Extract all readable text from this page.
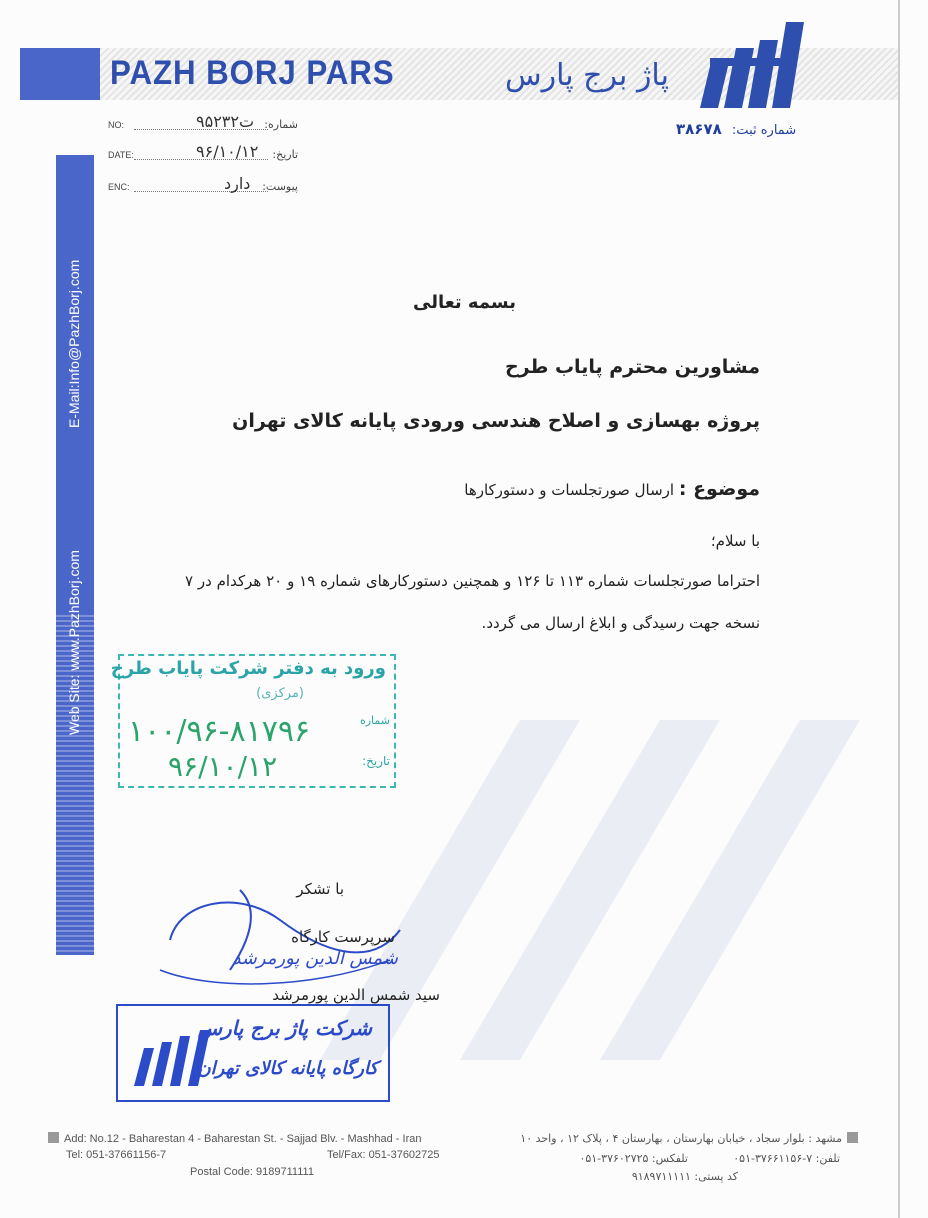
PAZH BORJ PARS	پاژ برج پارس
شماره ثبت: ۳۸۶۷۸
NO:	۹۵ت۲۳۲ شماره:
DATE:	۹۶/۱۰/۱۲ تاریخ:
ENC:	دارد پیوست:
E-Mail:Info@PazhBorj.com
Web Site: www.PazhBorj.com
بسمه تعالی
مشاورین محترم پایاب طرح
پروژه بهسازی و اصلاح هندسی ورودی پایانه کالای تهران
موضوع : ارسال صورتجلسات و دستورکارها
با سلام؛
احتراما صورتجلسات شماره ۱۱۳ تا ۱۲۶ و همچنین دستورکارهای شماره ۱۹ و ۲۰ هرکدام در ۷ نسخه جهت رسیدگی و ابلاغ ارسال می گردد.
ورود به دفتر شرکت پایاب طرح
(مرکزی)
شماره
۱۰۰/۹۶-۸۱۷۹۶
تاریخ:
۹۶/۱۰/۱۲
با تشکر
سرپرست کارگاه
شمس الدین پورمرشد
سید شمس الدین پورمرشد
شرکت پاژ برج پارس
کارگاه پایانه کالای تهران
Add: No.12 - Baharestan 4 - Baharestan St. - Sajjad Blv. - Mashhad - Iran
Tel: 051-37661156-7	Tel/Fax: 051-37602725
Postal Code: 9189711111
مشهد : بلوار سجاد ، خیابان بهارستان ، بهارستان ۴ ، پلاک ۱۲ ، واحد ۱۰
تلفن: ۷-۳۷۶۶۱۱۵۶-۰۵۱
تلفکس: ۳۷۶۰۲۷۲۵-۰۵۱
کد پستی: ۹۱۸۹۷۱۱۱۱۱
